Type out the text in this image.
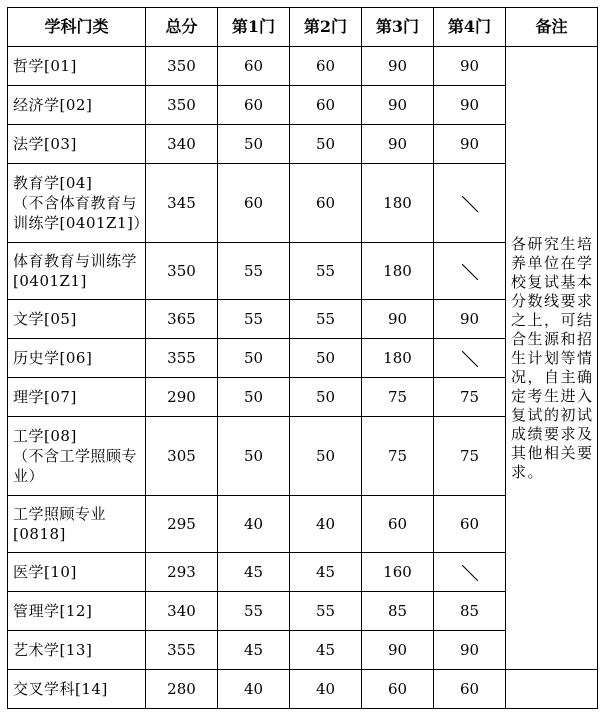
学科门类	总分	第1门	第2门	第3门	第4门	备注

哲学[01]	350	60	60	90	90	各研究生培养单位在学校复试基本分数线要求之上，可结合生源和招生计划等情况，自主确定考生进入复试的初试成绩要求及其他相关要求。

经济学[02]	350	60	60	90	90	

法学[03]	340	50	50	90	90	

教育学[04]
（不含体育教育与
训练学[0401Z1]）	345	60	60	180		

体育教育与训练学
[0401Z1]	350	55	55	180		

文学[05]	365	55	55	90	90	

历史学[06]	355	50	50	180		

理学[07]	290	50	50	75	75	

工学[08]
（不含工学照顾专
业）	305	50	50	75	75	

工学照顾专业
[0818]	295	40	40	60	60	

医学[10]	293	45	45	160		

管理学[12]	340	55	55	85	85	

艺术学[13]	355	45	45	90	90	

交叉学科[14]	280	40	40	60	60	
